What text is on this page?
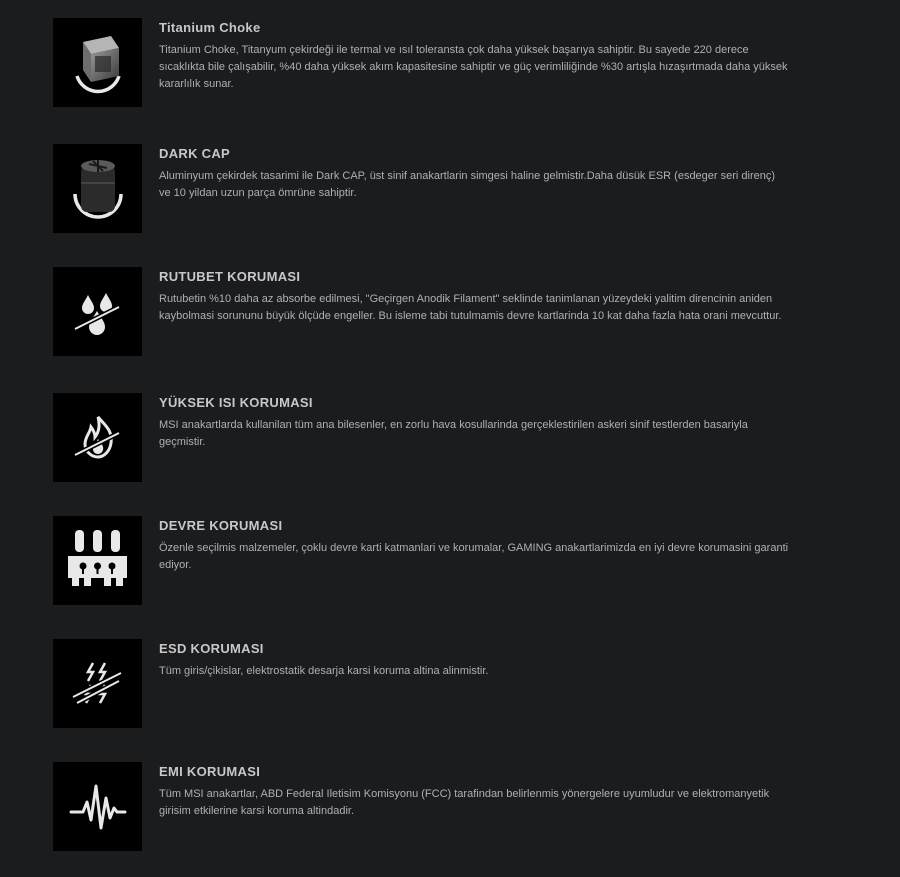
Titanium Choke
Titanium Choke, Titanyum çekirdeği ile termal ve ısıl toleransta çok daha yüksek başarıya sahiptir. Bu sayede 220 derece sıcaklıkta bile çalışabilir, %40 daha yüksek akım kapasitesine sahiptir ve güç verimliliğinde %30 artışla hızaşırtmada daha yüksek kararlılık sunar.
DARK CAP
Aluminyum çekirdek tasarimi ile Dark CAP, üst sinif anakartlarin simgesi haline gelmistir.Daha düsük ESR (esdeger seri direnç) ve 10 yildan uzun parça ömrüne sahiptir.
RUTUBET KORUMASI
Rutubetin %10 daha az absorbe edilmesi, "Geçirgen Anodik Filament" seklinde tanimlanan yüzeydeki yalitim direncinin aniden kaybolmasi sorununu büyük ölçüde engeller. Bu isleme tabi tutulmamis devre kartlarinda 10 kat daha fazla hata orani mevcuttur.
YÜKSEK ISI KORUMASI
MSI anakartlarda kullanilan tüm ana bilesenler, en zorlu hava kosullarinda gerçeklestirilen askeri sinif testlerden basariyla geçmistir.
DEVRE KORUMASI
Özenle seçilmis malzemeler, çoklu devre karti katmanlari ve korumalar, GAMING anakartlarimizda en iyi devre korumasini garanti ediyor.
ESD KORUMASI
Tüm giris/çikislar, elektrostatik desarja karsi koruma altina alinmistir.
EMI KORUMASI
Tüm MSI anakartlar, ABD Federal Iletisim Komisyonu (FCC) tarafindan belirlenmis yönergelere uyumludur ve elektromanyetik girisim etkilerine karsi koruma altindadir.
